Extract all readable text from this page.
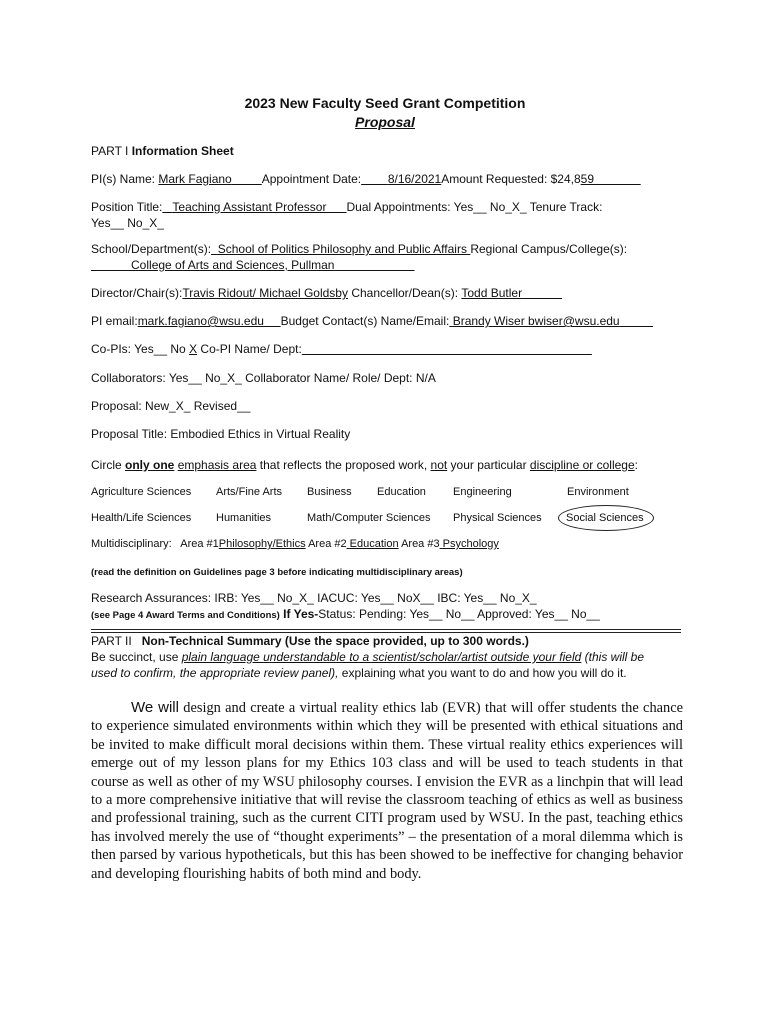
2023 New Faculty Seed Grant Competition
Proposal
PART I Information Sheet
PI(s) Name: Mark Fagiano	Appointment Date: 8/16/2021Amount Requested: $24,859
Position Title: Teaching Assistant Professor Dual Appointments: Yes__ No_X_ Tenure Track:
Yes__ No_X_
School/Department(s): School of Politics Philosophy and Public Affairs Regional Campus/College(s):
College of Arts and Sciences, Pullman
Director/Chair(s):Travis Ridout/ Michael Goldsby Chancellor/Dean(s): Todd Butler
PI email:mark.fagiano@wsu.edu Budget Contact(s) Name/Email: Brandy Wiser bwiser@wsu.edu
Co-PIs: Yes__ No X Co-PI Name/ Dept:
Collaborators: Yes__ No_X_ Collaborator Name/ Role/ Dept: N/A
Proposal: New_X_ Revised__
Proposal Title: Embodied Ethics in Virtual Reality
Circle only one emphasis area that reflects the proposed work, not your particular discipline or college:
Agriculture Sciences Arts/Fine Arts Business Education Engineering	Environment
Health/Life Sciences Humanities	Math/Computer Sciences Physical Sciences Social Sciences
Multidisciplinary: Area #1Philosophy/Ethics Area #2 Education Area #3 Psychology
(read the definition on Guidelines page 3 before indicating multidisciplinary areas)
Research Assurances: IRB: Yes__ No_X_ IACUC: Yes__ NoX__ IBC: Yes__ No_X_
(see Page 4 Award Terms and Conditions) If Yes-Status: Pending: Yes__ No__ Approved: Yes__ No__
PART II Non-Technical Summary (Use the space provided, up to 300 words.)
Be succinct, use plain language understandable to a scientist/scholar/artist outside your field (this will be
used to confirm, the appropriate review panel), explaining what you want to do and how you will do it.
We will design and create a virtual reality ethics lab (EVR) that will offer students the chance to experience simulated environments within which they will be presented with ethical situations and be invited to make difficult moral decisions within them. These virtual reality ethics experiences will emerge out of my lesson plans for my Ethics 103 class and will be used to teach students in that course as well as other of my WSU philosophy courses. I envision the EVR as a linchpin that will lead to a more comprehensive initiative that will revise the classroom teaching of ethics as well as business and professional training, such as the current CITI program used by WSU. In the past, teaching ethics has involved merely the use of “thought experiments” – the presentation of a moral dilemma which is then parsed by various hypotheticals, but this has been showed to be ineffective for changing behavior and developing flourishing habits of both mind and body.
